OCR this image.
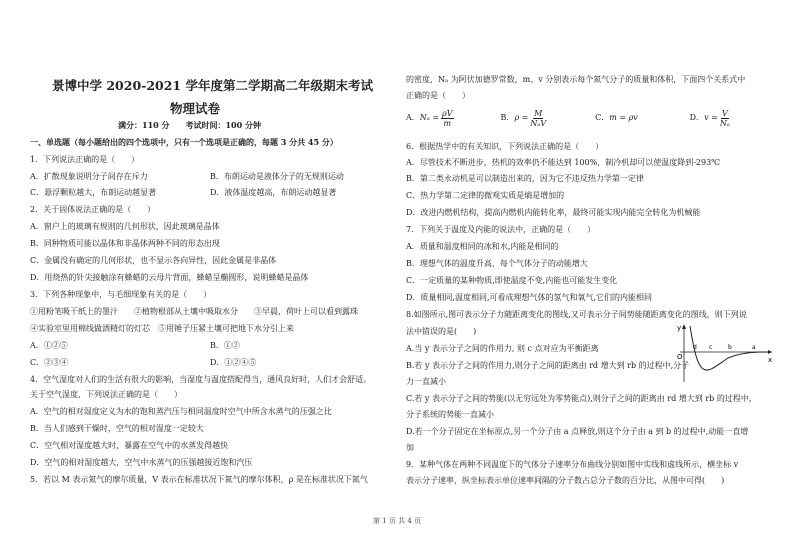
景博中学 2020-2021 学年度第二学期高二年级期末考试
物理试卷
满分：110 分　　考试时间：100 分钟
一、单选题（每小题给出的四个选项中，只有一个选项是正确的，每题 3 分共 45 分）
1．下列说法正确的是（　　）
A．扩散现象说明分子间存在斥力	B．布朗运动是液体分子的无规则运动
C．悬浮颗粒越大，布朗运动越显著	D．液体温度越高，布朗运动越显著
2．关于固体说法正确的是（　　）
A．窗户上的玻璃有规则的几何形状，因此玻璃是晶体
B．同种物质可能以晶体和非晶体两种不同的形态出现
C．金属没有确定的几何形状，也不显示各向异性，因此金属是非晶体
D．用烧热的针尖接触涂有蜂蜡的云母片背面，蜂蜡呈椭圆形，说明蜂蜡是晶体
3．下列各种现象中，与毛细现象有关的是（　　）
①用粉笔吸干纸上的墨汁　　②植物根部从土壤中吸取水分　　③早晨，荷叶上可以看到露珠
④实验室里用棉线做酒精灯的灯芯　⑤用锤子压紧土壤可把地下水分引上来
A．①②⑤	B．①②
C．②③④	D．①②④⑤
4．空气湿度对人们的生活有很大的影响，当湿度与温度搭配得当，通风良好时，人们才会舒适。
关于空气湿度，下列说法正确的是（　　）
A．空气的相对湿度定义为水的饱和蒸汽压与相同温度时空气中所含水蒸气的压强之比
B．当人们感到干燥时，空气的相对湿度一定较大
C．空气相对湿度越大时，暴露在空气中的水蒸发得越快
D．空气的相对湿度越大，空气中水蒸气的压强越接近饱和汽压
5．若以 M 表示氮气的摩尔质量，V 表示在标准状况下氮气的摩尔体积，ρ 是在标准状况下氮气
的密度，Nₐ 为阿伏加德罗常数，m、v 分别表示每个氮气分子的质量和体积，下面四个关系式中
正确的是（　　）
A．$N_a = \frac{\rho V}{m}$	B．$\rho = \frac{M}{\text{NₐV}}$	C．m = ρv	D．$v = \frac{V}{\text{Nₐ}}$
6．根据热学中的有关知识，下列说法正确的是（　　）
A．尽管技术不断进步，热机的效率仍不能达到 100%，制冷机却可以使温度降到-293℃
B．第二类永动机是可以制造出来的，因为它不违反热力学第一定律
C．热力学第二定律的微观实质是熵是增加的
D．改进内燃机结构，提高内燃机内能转化率，最终可能实现内能完全转化为机械能
7．下列关于温度及内能的说法中，正确的是（　　）
A．质量和温度相同的冰和水,内能是相同的
B．理想气体的温度升高，每个气体分子的动能增大
C．一定质量的某种物质,即使温度不变,内能也可能发生变化
D．质量相同,温度相同,可看成理想气体的氢气和氧气,它们的内能相同
8.如图所示,图可表示分子力随距离变化的图线,又可表示分子间势能随距离变化的图线，则下列说
法中错误的是(　　)
A.当 y 表示分子之间的作用力, 则 c 点对应为平衡距离
B.若 y 表示分子之间的作用力,则分子之间的距离由 rd 增大到 rb 的过程中,分子
力一直减小
C.若 y 表示分子之间的势能(以无穷远处为零势能点),则分子之间的距离由 rd 增大到 rb 的过程中,
分子系统的势能一直减小
D.若一个分子固定在坐标原点,另一个分子由 a 点释放,则这个分子由 a 到 b 的过程中,动能一直增
加
y
x
O
d c	b	a
9．某种气体在两种不同温度下的气体分子速率分布曲线分别如图中实线和虚线所示，横坐标 v
表示分子速率，纵坐标表示单位速率间隔的分子数占总分子数的百分比，从图中可得(　　)
第 1 页 共 4 页
